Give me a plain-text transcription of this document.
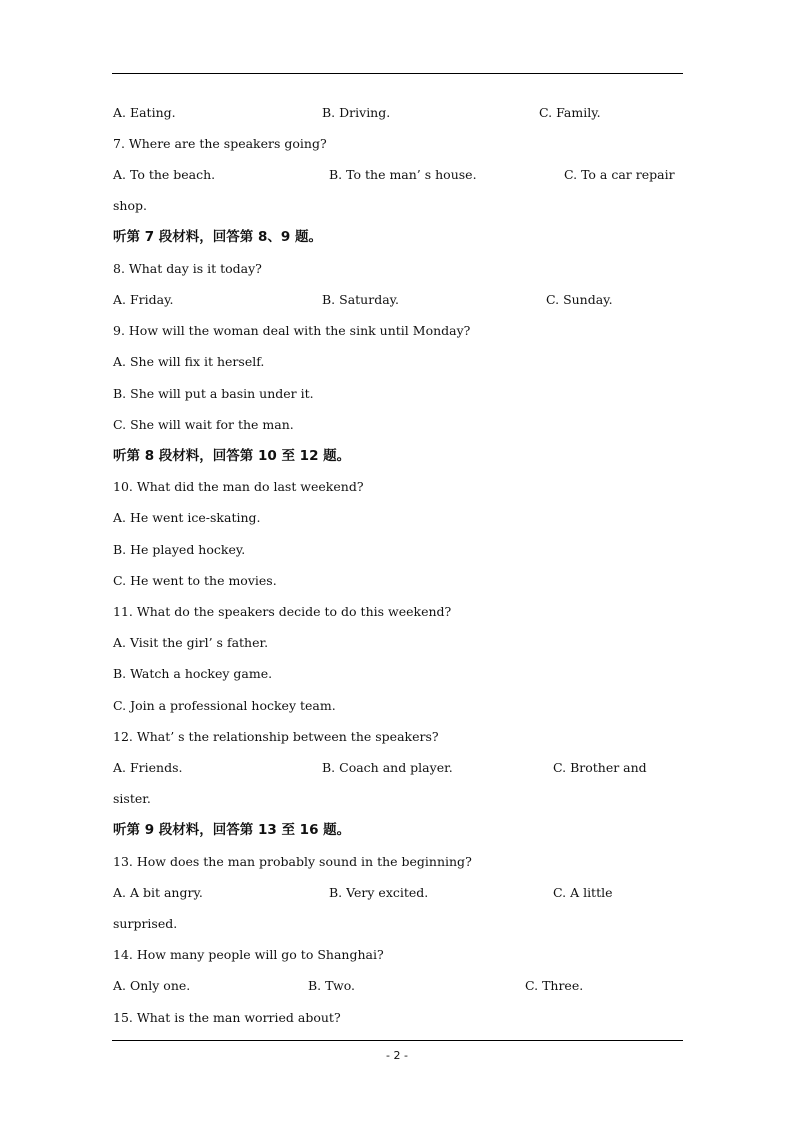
A. Eating.

	B. Driving.

	C. Family.

7. Where are the speakers going?

A. To the beach.

	B. To the man’ s house.

	C. To a car repair

shop.
听第 7 段材料，回答第 8、9 题。
8. What day is it today?

A. Friday.

	B. Saturday.

	C. Sunday.

9. How will the woman deal with the sink until Monday?
A. She will fix it herself.
B. She will put a basin under it.
C. She will wait for the man.
听第 8 段材料，回答第 10 至 12 题。
10. What did the man do last weekend?
A. He went ice-skating.
B. He played hockey.
C. He went to the movies.
11. What do the speakers decide to do this weekend?
A. Visit the girl’ s father.
B. Watch a hockey game.
C. Join a professional hockey team.
12. What’ s the relationship between the speakers?

A. Friends.

	B. Coach and player.

	C. Brother and

sister.
听第 9 段材料，回答第 13 至 16 题。
13. How does the man probably sound in the beginning?

A. A bit angry.

	B. Very excited.

	C. A little

surprised.
14. How many people will go to Shanghai?

A. Only one.

	B. Two.

	C. Three.

15. What is the man worried about?
- 2 -
